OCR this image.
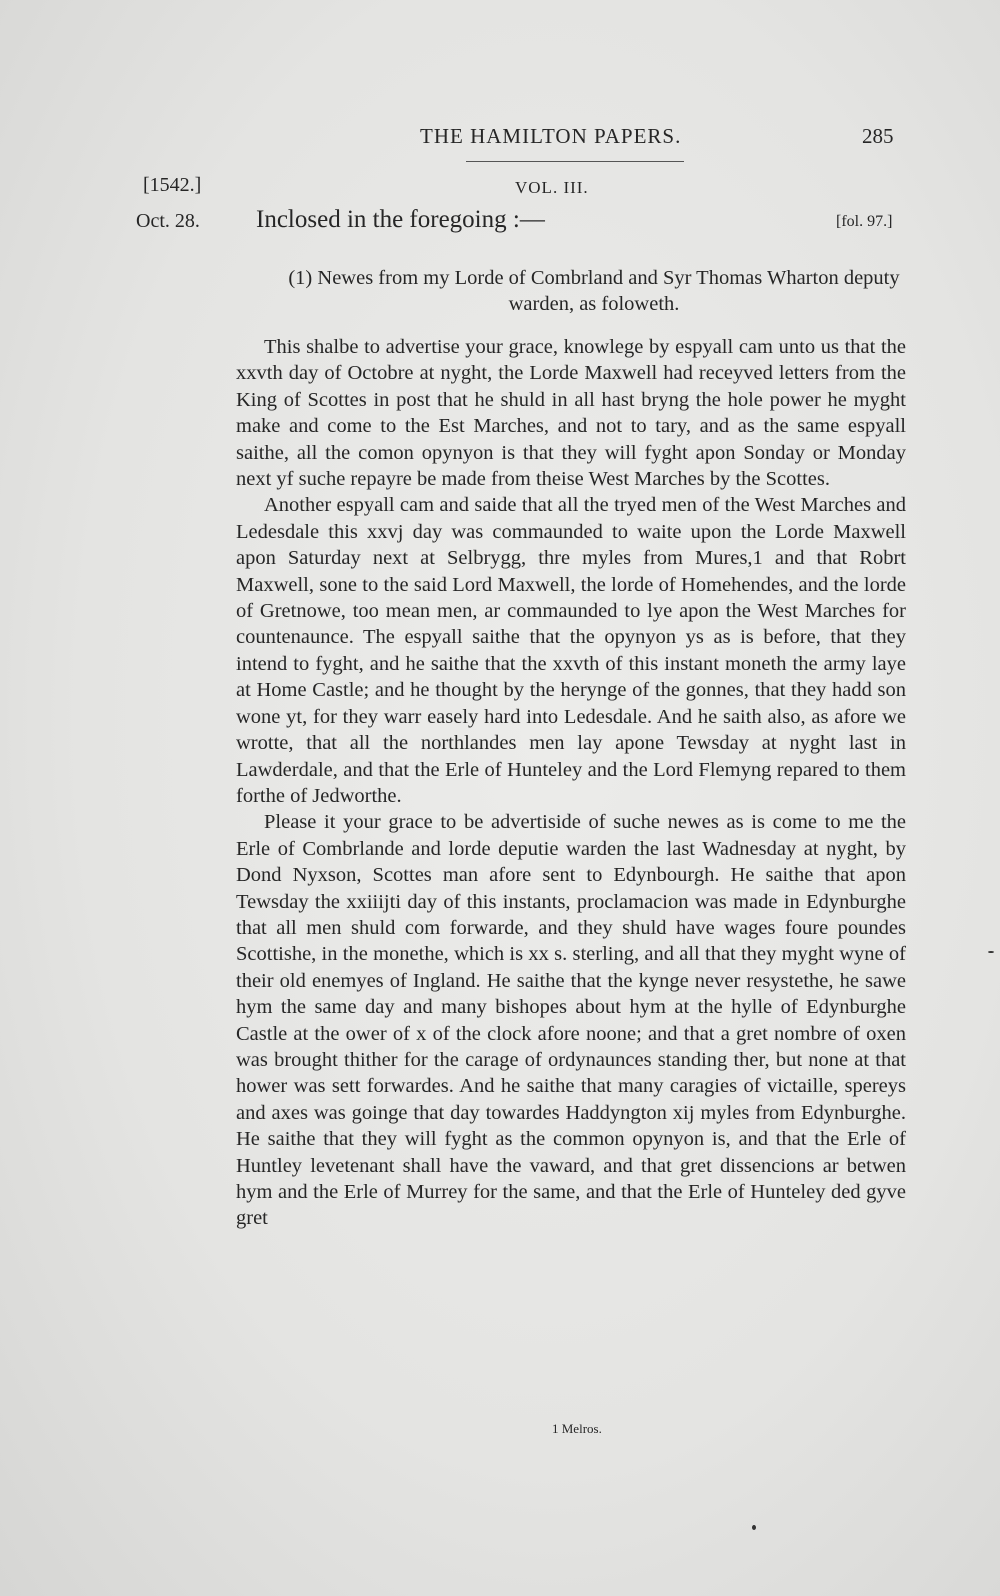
THE HAMILTON PAPERS.	285
[1542.]	VOL. III.
Oct. 28. Inclosed in the foregoing :—	[fol. 97.]
(1) Newes from my Lorde of Combrland and Syr Thomas Wharton deputy warden, as foloweth.

This shalbe to advertise your grace, knowlege by espyall cam unto us that the xxvth day of Octobre at nyght, the Lorde Maxwell had receyved letters from the King of Scottes in post that he shuld in all hast bryng the hole power he myght make and come to the Est Marches, and not to tary, and as the same espyall saithe, all the comon opynyon is that they will fyght apon Sonday or Monday next yf suche repayre be made from theise West Marches by the Scottes.

Another espyall cam and saide that all the tryed men of the West Marches and Ledesdale this xxvj day was commaunded to waite upon the Lorde Maxwell apon Saturday next at Selbrygg, thre myles from Mures,1 and that Robrt Maxwell, sone to the said Lord Maxwell, the lorde of Homehendes, and the lorde of Gretnowe, too mean men, ar commaunded to lye apon the West Marches for countenaunce. The espyall saithe that the opynyon ys as is before, that they intend to fyght, and he saithe that the xxvth of this instant moneth the army laye at Home Castle; and he thought by the herynge of the gonnes, that they hadd son wone yt, for they warr easely hard into Ledesdale. And he saith also, as afore we wrotte, that all the northlandes men lay apone Tewsday at nyght last in Lawderdale, and that the Erle of Hunteley and the Lord Flemyng repared to them forthe of Jedworthe.

Please it your grace to be advertiside of suche newes as is come to me the Erle of Combrlande and lorde deputie warden the last Wadnesday at nyght, by Dond Nyxson, Scottes man afore sent to Edynbourgh. He saithe that apon Tewsday the xxiiijti day of this instants, proclamacion was made in Edynburghe that all men shuld com forwarde, and they shuld have wages foure poundes Scottishe, in the monethe, which is xx s. sterling, and all that they myght wyne of their old enemyes of Ingland. He saithe that the kynge never resystethe, he sawe hym the same day and many bishopes about hym at the hylle of Edynburghe Castle at the ower of x of the clock afore noone; and that a gret nombre of oxen was brought thither for the carage of ordynaunces standing ther, but none at that hower was sett forwardes. And he saithe that many caragies of victaille, spereys and axes was goinge that day towardes Haddyngton xij myles from Edynburghe. He saithe that they will fyght as the common opynyon is, and that the Erle of Huntley levetenant shall have the vaward, and that gret dissencions ar betwen hym and the Erle of Murrey for the same, and that the Erle of Hunteley ded gyve gret

1 Melros.
